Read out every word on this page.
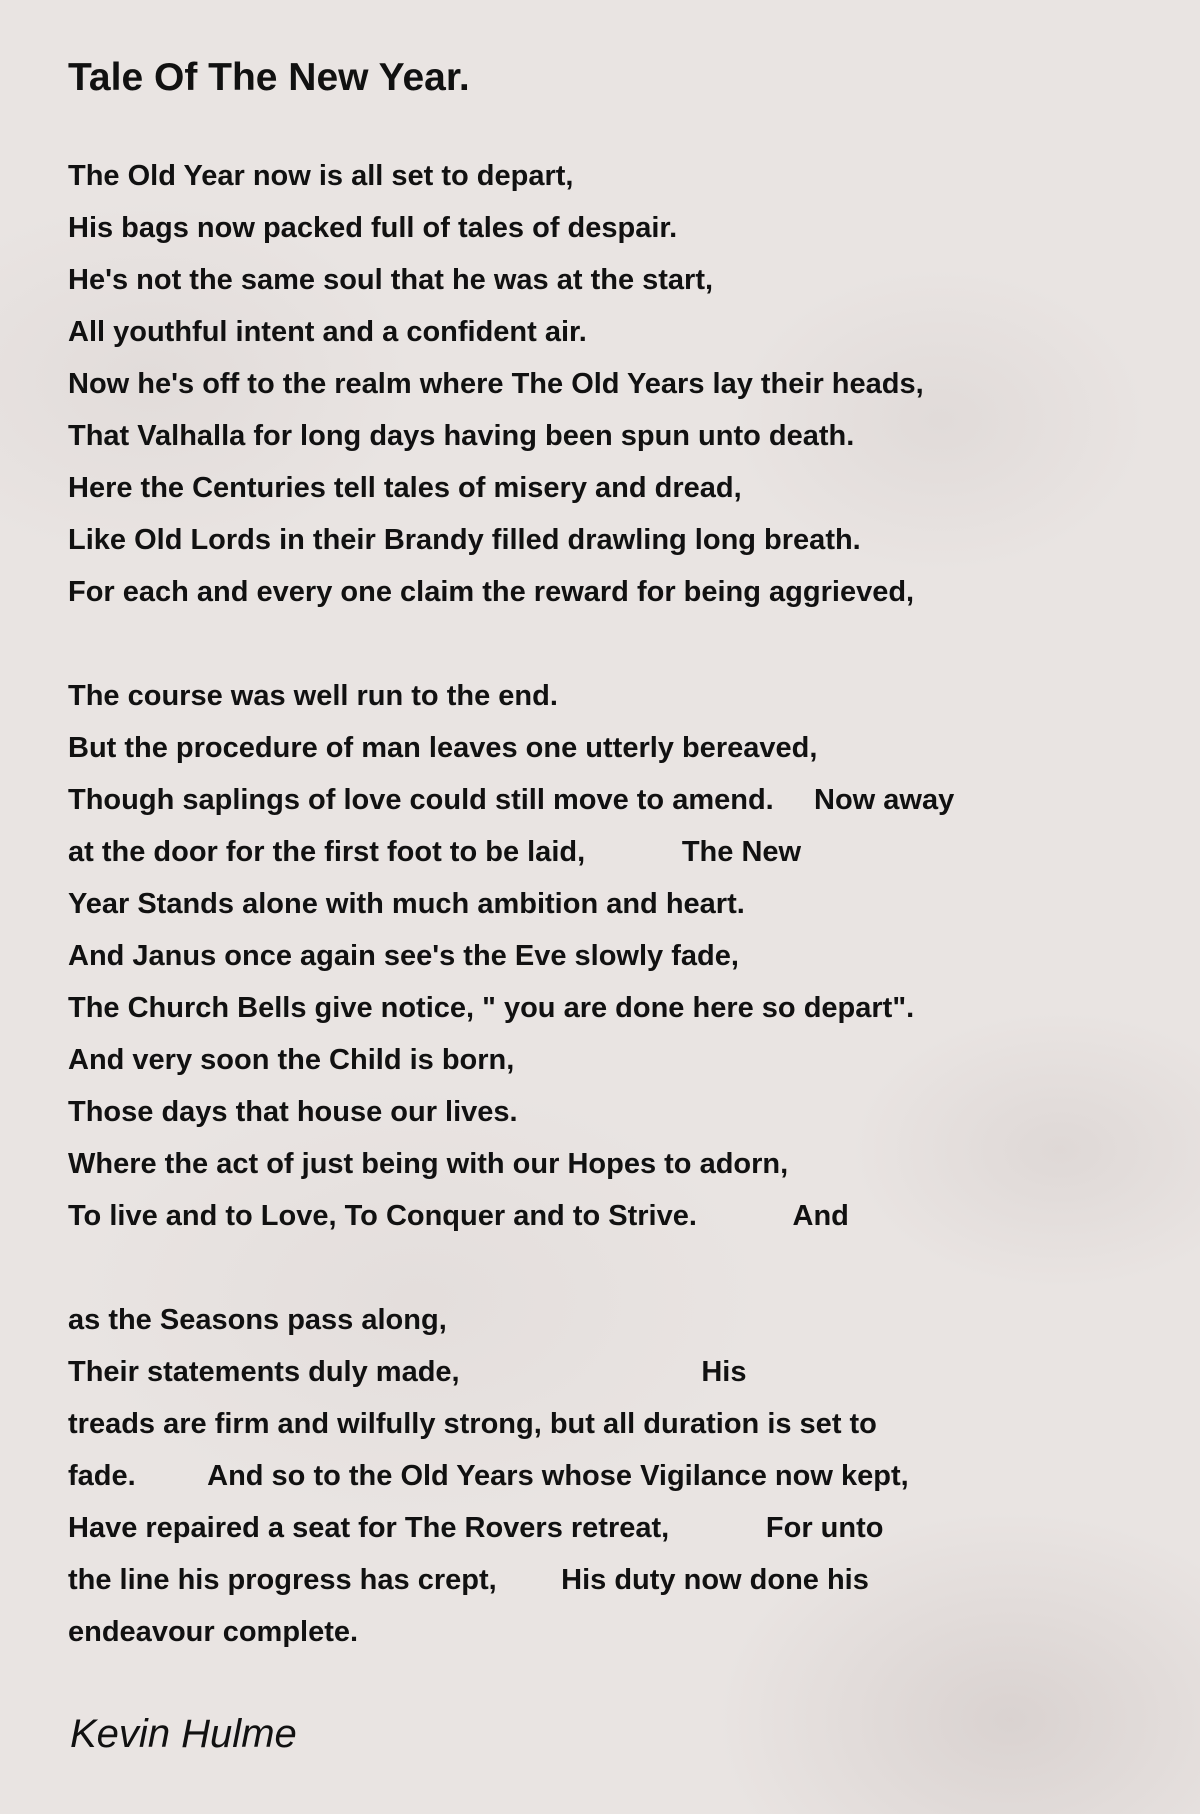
Tale Of The New Year.
The Old Year now is all set to depart,
His bags now packed full of tales of despair.
He's not the same soul that he was at the start,
All youthful intent and a confident air.
Now he's off to the realm where The Old Years lay their heads,
That Valhalla for long days having been spun unto death.
Here the Centuries tell tales of misery and dread,
Like Old Lords in their Brandy filled drawling long breath.
For each and every one claim the reward for being aggrieved,
The course was well run to the end.
But the procedure of man leaves one utterly bereaved,
Though saplings of love could still move to amend.     Now away
at the door for the first foot to be laid,            The New
Year Stands alone with much ambition and heart.
And Janus once again see's the Eve slowly fade,
The Church Bells give notice, " you are done here so depart".
And very soon the Child is born,
Those days that house our lives.
Where the act of just being with our Hopes to adorn,
To live and to Love, To Conquer and to Strive.            And
as the Seasons pass along,
Their statements duly made,                              His
treads are firm and wilfully strong, but all duration is set to
fade.         And so to the Old Years whose Vigilance now kept,
Have repaired a seat for The Rovers retreat,            For unto
the line his progress has crept,        His duty now done his
endeavour complete.
Kevin Hulme
